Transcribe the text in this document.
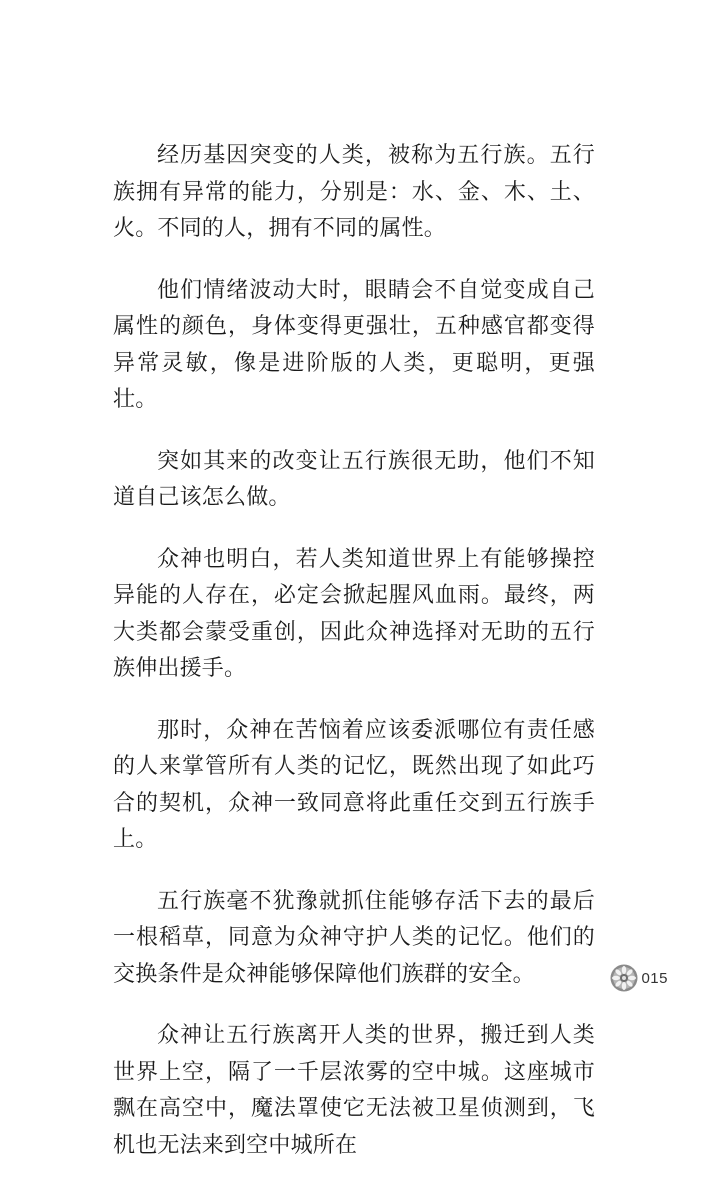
经历基因突变的人类，被称为五行族。五行族拥有异常的能力，分别是：水、金、木、土、火。不同的人，拥有不同的属性。

他们情绪波动大时，眼睛会不自觉变成自己属性的颜色，身体变得更强壮，五种感官都变得异常灵敏，像是进阶版的人类，更聪明，更强壮。

突如其来的改变让五行族很无助，他们不知道自己该怎么做。

众神也明白，若人类知道世界上有能够操控异能的人存在，必定会掀起腥风血雨。最终，两大类都会蒙受重创，因此众神选择对无助的五行族伸出援手。

那时，众神在苦恼着应该委派哪位有责任感的人来掌管所有人类的记忆，既然出现了如此巧合的契机，众神一致同意将此重任交到五行族手上。

五行族毫不犹豫就抓住能够存活下去的最后一根稻草，同意为众神守护人类的记忆。他们的交换条件是众神能够保障他们族群的安全。

众神让五行族离开人类的世界，搬迁到人类世界上空，隔了一千层浓雾的空中城。这座城市飘在高空中，魔法罩使它无法被卫星侦测到，飞机也无法来到空中城所在

015
